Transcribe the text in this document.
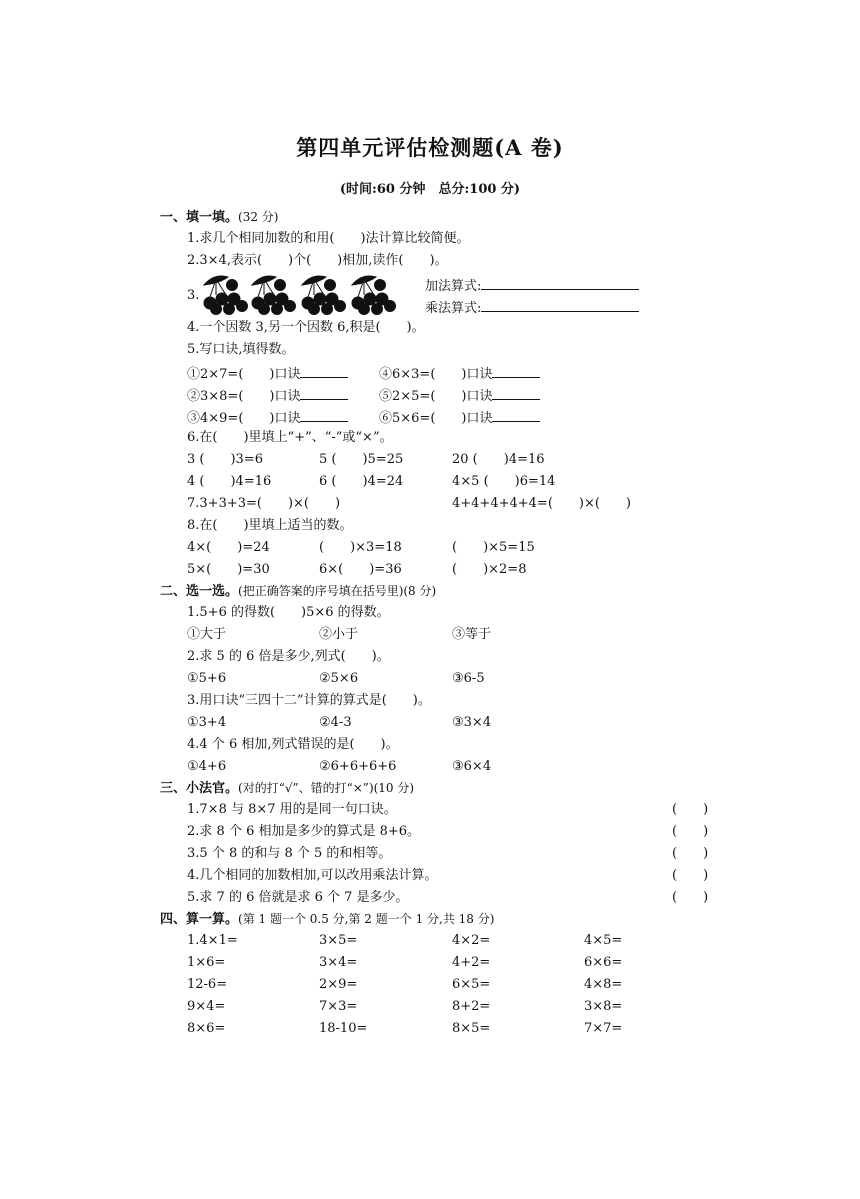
第四单元评估检测题(A 卷)
(时间:60 分钟　总分:100 分)
一、填一填。(32 分)
1.求几个相同加数的和用(　　)法计算比较简便。
2.3×4,表示(　　)个(　　)相加,读作(　　)。
3.
加法算式:
乘法算式:
4.一个因数 3,另一个因数 6,积是(　　)。
5.写口诀,填得数。
①2×7=(　　)口诀	④6×3=(　　)口诀
②3×8=(　　)口诀	⑤2×5=(　　)口诀
③4×9=(　　)口诀	⑥5×6=(　　)口诀
6.在(　　)里填上“+”、“-”或“×”。
3 (　　)3=6	5 (　　)5=25	20 (　　)4=16
4 (　　)4=16	6 (　　)4=24	4×5 (　　)6=14
7.3+3+3=(　　)×(　　)	4+4+4+4+4=(　　)×(　　)
8.在(　　)里填上适当的数。
4×(　　)=24	(　　)×3=18	(　　)×5=15
5×(　　)=30	6×(　　)=36	(　　)×2=8
二、选一选。(把正确答案的序号填在括号里)(8 分)
1.5+6 的得数(　　)5×6 的得数。
①大于	②小于	③等于
2.求 5 的 6 倍是多少,列式(　　)。
①5+6	②5×6	③6-5
3.用口诀“三四十二”计算的算式是(　　)。
①3+4	②4-3	③3×4
4.4 个 6 相加,列式错误的是(　　)。
①4+6	②6+6+6+6	③6×4
三、小法官。(对的打“√”、错的打“×”)(10 分)
1.7×8 与 8×7 用的是同一句口诀。	(　　)
2.求 8 个 6 相加是多少的算式是 8+6。	(　　)
3.5 个 8 的和与 8 个 5 的和相等。	(　　)
4.几个相同的加数相加,可以改用乘法计算。	(　　)
5.求 7 的 6 倍就是求 6 个 7 是多少。	(　　)
四、算一算。(第 1 题一个 0.5 分,第 2 题一个 1 分,共 18 分)
1.4×1=	3×5=	4×2=	4×5=
1×6=	3×4=	4+2=	6×6=
12-6=	2×9=	6×5=	4×8=
9×4=	7×3=	8+2=	3×8=
8×6=	18-10=	8×5=	7×7=
